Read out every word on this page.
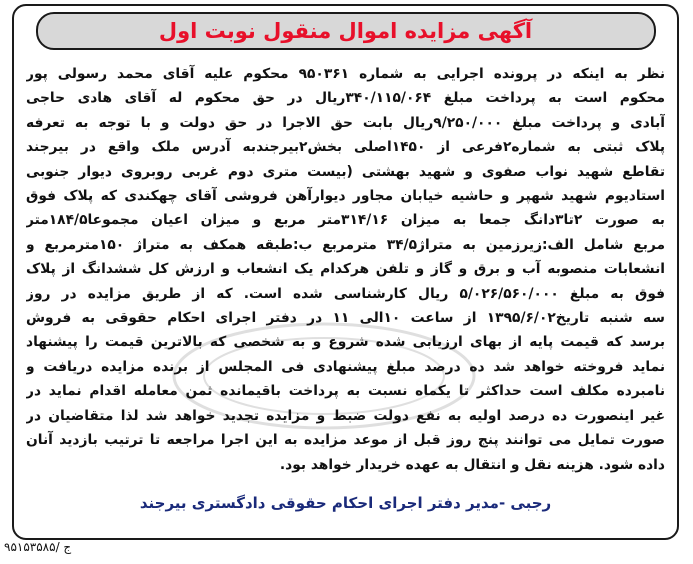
آگهی مزایده اموال منقول نوبت اول
نظر به اینکه در پرونده اجرایی به شماره ۹۵۰۳۶۱ محکوم علیه آقای محمد رسولی پور
محکوم است به پرداخت مبلغ ۳۴۰/۱۱۵/۰۶۴ریال در حق محکوم له آقای هادی حاجی
آبادی و پرداخت مبلغ ۹/۲۵۰/۰۰۰ریال بابت حق الاجرا در حق دولت و با توجه به تعرفه
پلاک ثبتی به شماره۲فرعی از ۱۴۵۰اصلی بخش۲بیرجندبه آدرس ملک واقع در بیرجند
تقاطع شهید نواب صفوی و شهید بهشتی (بیست متری دوم غربی روبروی دیوار جنوبی
استادیوم شهید شهپر و حاشیه خیابان مجاور دیوارآهن فروشی آقای چهکندی که پلاک فوق
به صورت ۲تا۳دانگ جمعا به میزان ۳۱۴/۱۶متر مربع و میزان اعیان مجموعا۱۸۴/۵متر
مربع شامل الف:زیرزمین به متراژ۳۴/۵ مترمربع ب:طبقه همکف به متراژ ۱۵۰مترمربع و
انشعابات منصوبه آب و برق و گاز و تلفن هرکدام یک انشعاب و ارزش کل ششدانگ از پلاک
فوق به مبلغ ۵/۰۲۶/۵۶۰/۰۰۰ ریال کارشناسی شده است. که از طریق مزایده در روز
سه شنبه تاریخ۱۳۹۵/۶/۰۲ از ساعت ۱۰الی ۱۱ در دفتر اجرای احکام حقوقی به فروش
برسد که قیمت پایه از بهای ارزیابی شده شروع و به شخصی که بالاترین قیمت را پیشنهاد
نماید فروخته خواهد شد ده درصد مبلغ پیشنهادی فی المجلس از برنده مزایده دریافت و
نامبرده مکلف است حداکثر تا یکماه نسبت به پرداخت باقیمانده ثمن معامله اقدام نماید در
غیر اینصورت ده درصد اولیه به نفع دولت ضبط و مزایده تجدید خواهد شد لذا متقاضیان در
صورت تمایل می توانند پنج روز قبل از موعد مزایده به این اجرا مراجعه تا ترتیب بازدید آنان
داده شود. هزینه نقل و انتقال به عهده خریدار خواهد بود.
رجبی -مدیر دفتر اجرای احکام حقوقی دادگستری بیرجند
۹۵۱۵۳۵۸۵/ ج
